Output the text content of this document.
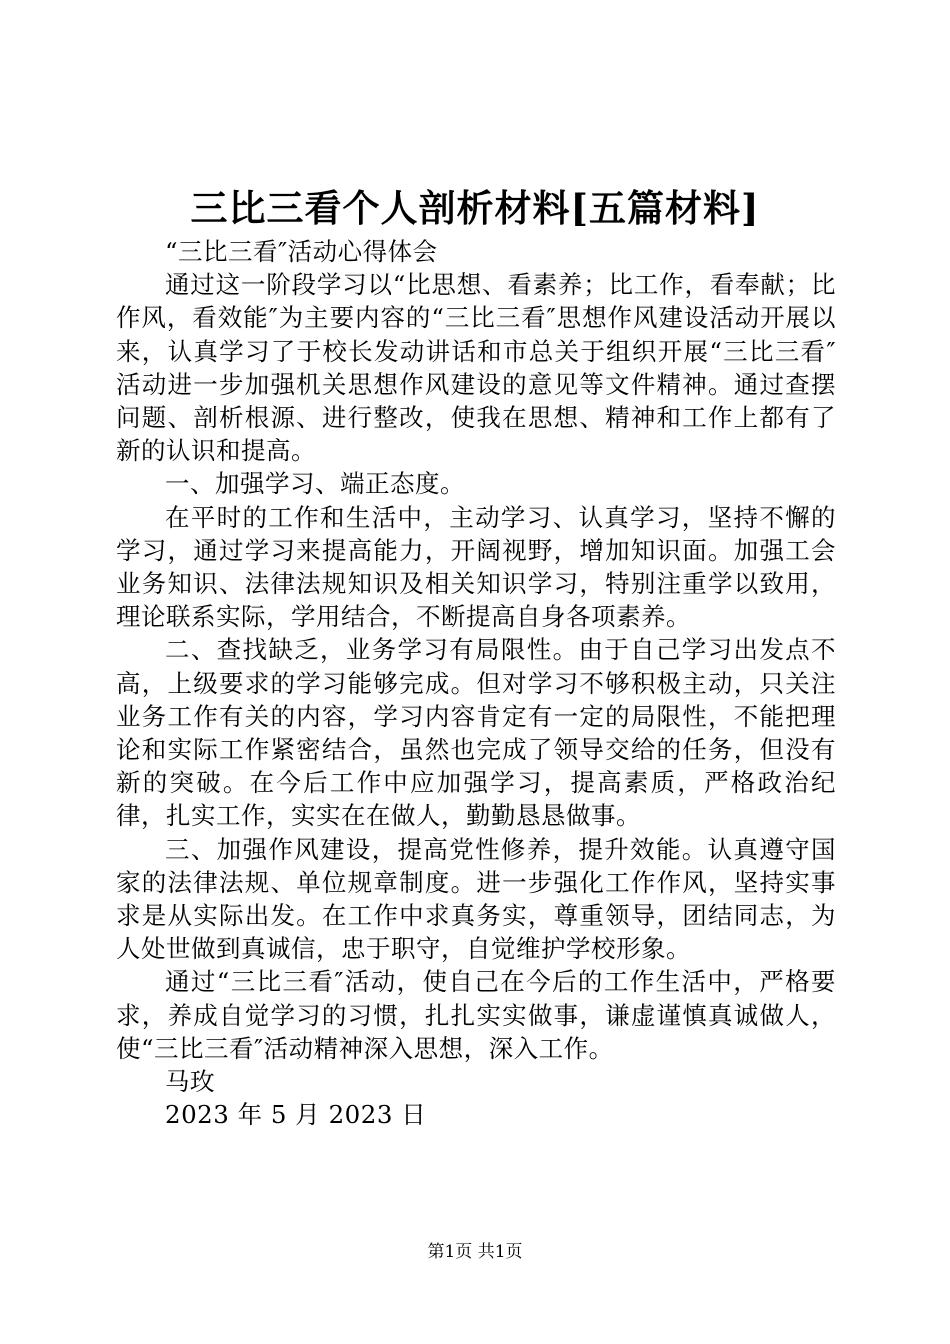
三比三看个人剖析材料[五篇材料]

“三比三看″活动心得体会

通过这一阶段学习以“比思想、看素养；比工作，看奉献；比作风，看效能″为主要内容的“三比三看″思想作风建设活动开展以来，认真学习了于校长发动讲话和市总关于组织开展“三比三看″活动进一步加强机关思想作风建设的意见等文件精神。通过查摆问题、剖析根源、进行整改，使我在思想、精神和工作上都有了新的认识和提高。

一、加强学习、端正态度。

在平时的工作和生活中，主动学习、认真学习，坚持不懈的学习，通过学习来提高能力，开阔视野，增加知识面。加强工会业务知识、法律法规知识及相关知识学习，特别注重学以致用，理论联系实际，学用结合，不断提高自身各项素养。

二、查找缺乏，业务学习有局限性。由于自己学习出发点不高，上级要求的学习能够完成。但对学习不够积极主动，只关注业务工作有关的内容，学习内容肯定有一定的局限性，不能把理论和实际工作紧密结合，虽然也完成了领导交给的任务，但没有新的突破。在今后工作中应加强学习，提高素质，严格政治纪律，扎实工作，实实在在做人，勤勤恳恳做事。

三、加强作风建设，提高党性修养，提升效能。认真遵守国家的法律法规、单位规章制度。进一步强化工作作风，坚持实事求是从实际出发。在工作中求真务实，尊重领导，团结同志，为人处世做到真诚信，忠于职守，自觉维护学校形象。

通过“三比三看″活动，使自己在今后的工作生活中，严格要求，养成自觉学习的习惯，扎扎实实做事，谦虚谨慎真诚做人，使“三比三看″活动精神深入思想，深入工作。

马玫

2023 年 5 月 2023 日

第1页 共1页
